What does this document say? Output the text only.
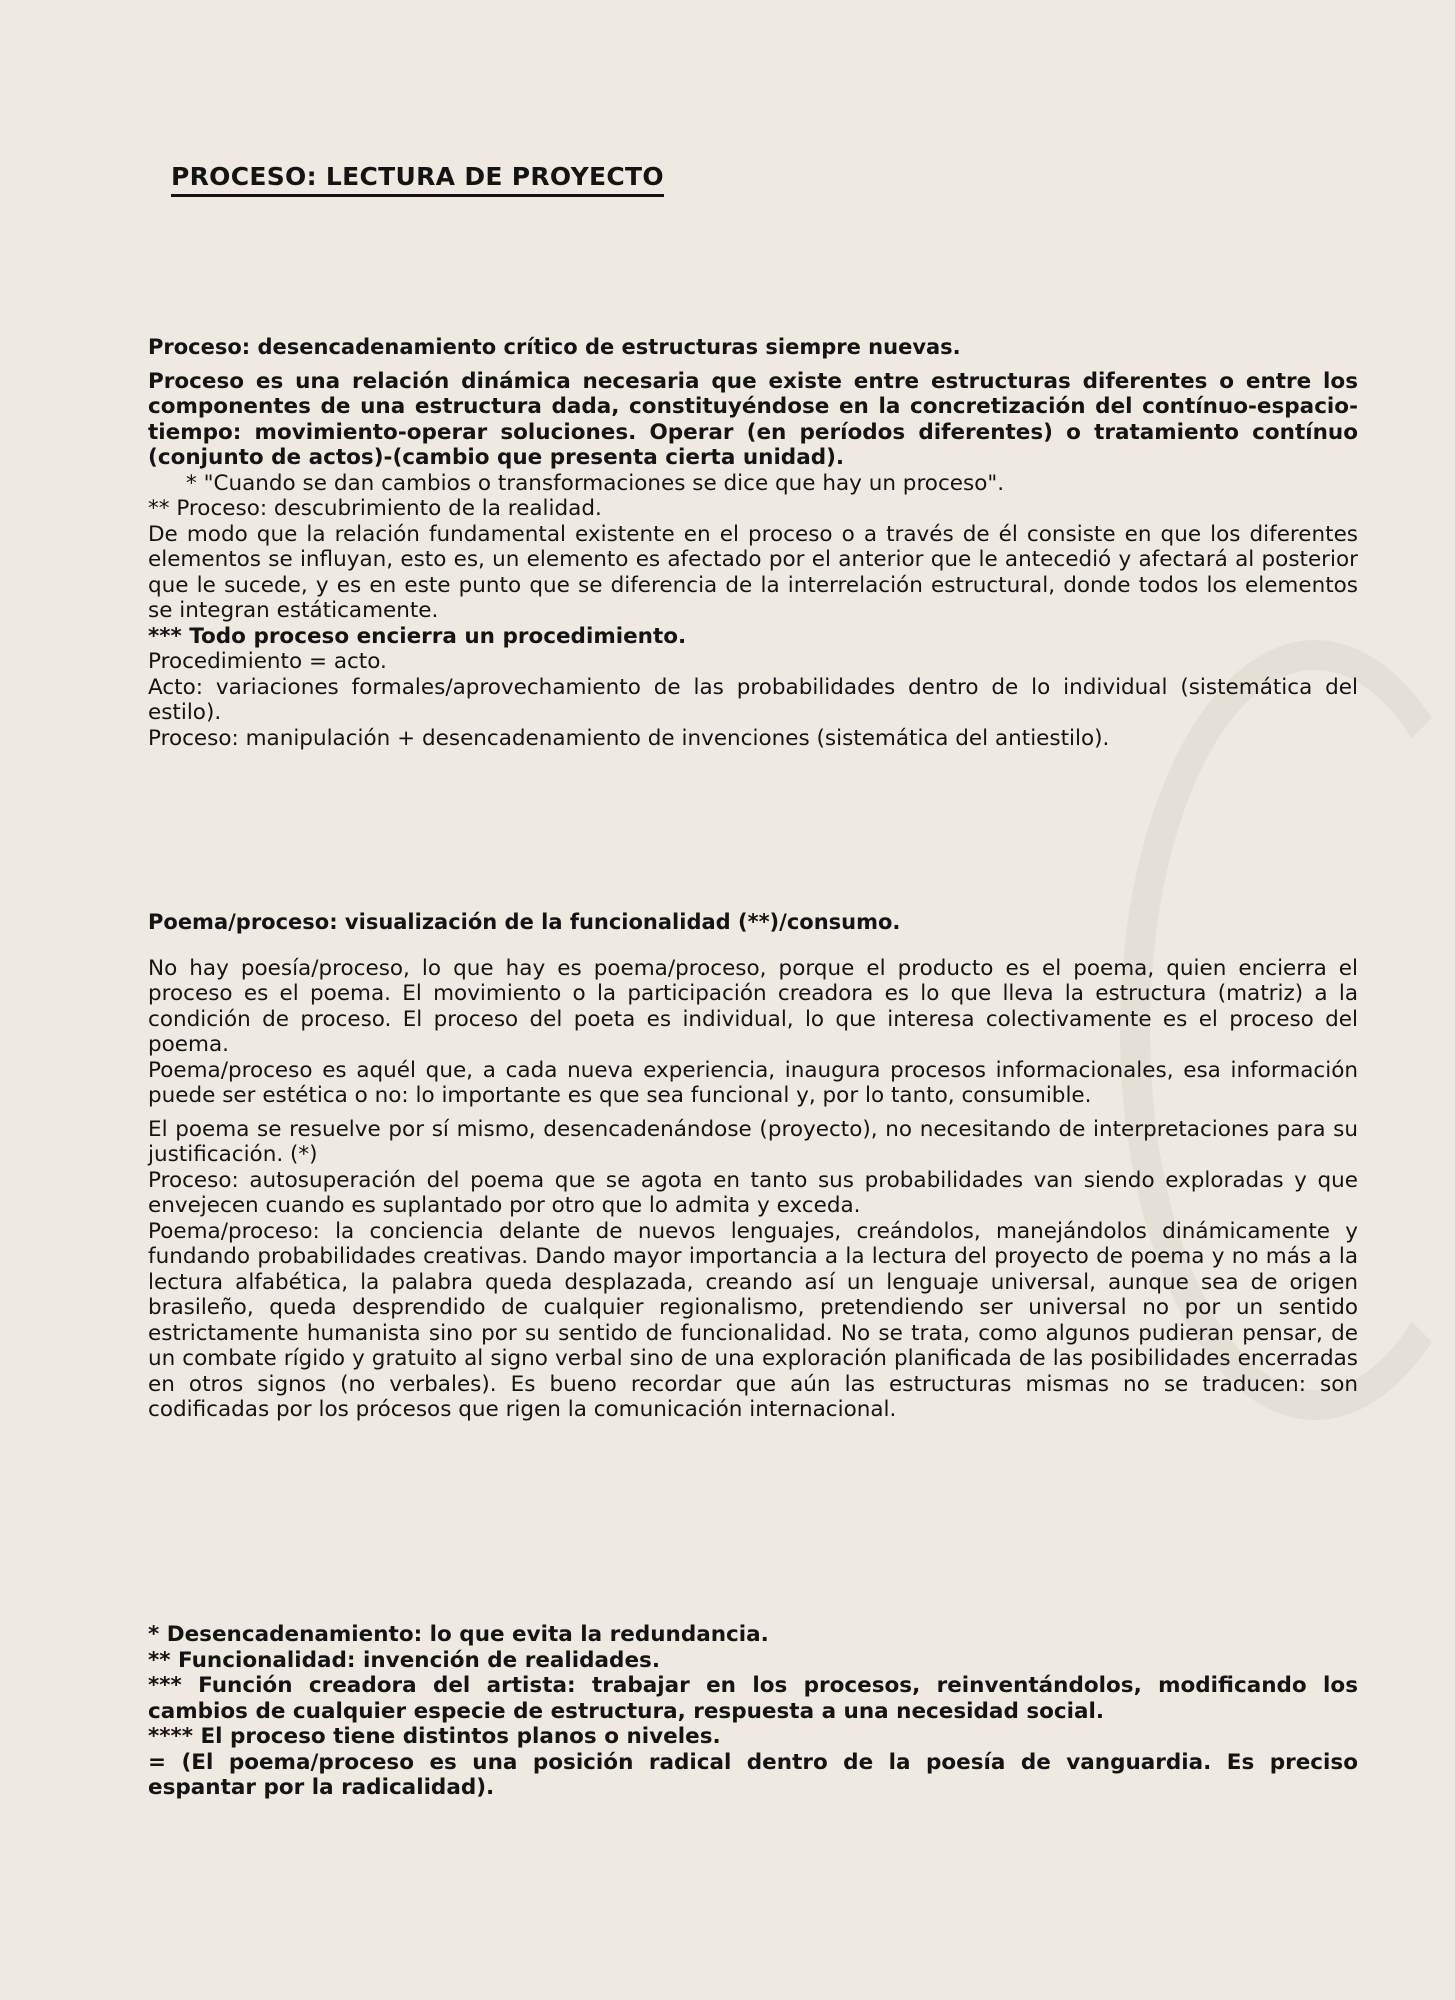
PROCESO: LECTURA DE PROYECTO

Proceso: desencadenamiento crítico de estructuras siempre nuevas.

Proceso es una relación dinámica necesaria que existe entre estructuras diferentes o entre los componentes de una estructura dada, constituyéndose en la concretización del contínuo-espacio-tiempo: movimiento-operar soluciones. Operar (en períodos diferentes) o tratamiento contínuo (conjunto de actos)-(cambio que presenta cierta unidad).

* "Cuando se dan cambios o transformaciones se dice que hay un proceso".

** Proceso: descubrimiento de la realidad.

De modo que la relación fundamental existente en el proceso o a través de él consiste en que los diferentes elementos se influyan, esto es, un elemento es afectado por el anterior que le antecedió y afectará al posterior que le sucede, y es en este punto que se diferencia de la interrelación estructural, donde todos los elementos se integran estáticamente.

*** Todo proceso encierra un procedimiento.

Procedimiento = acto.

Acto: variaciones formales/aprovechamiento de las probabilidades dentro de lo individual (sistemática del estilo).

Proceso: manipulación + desencadenamiento de invenciones (sistemática del antiestilo).

Poema/proceso: visualización de la funcionalidad (**)/consumo.

No hay poesía/proceso, lo que hay es poema/proceso, porque el producto es el poema, quien encierra el proceso es el poema. El movimiento o la participación creadora es lo que lleva la estructura (matriz) a la condición de proceso. El proceso del poeta es individual, lo que interesa colectivamente es el proceso del poema.

Poema/proceso es aquél que, a cada nueva experiencia, inaugura procesos informacionales, esa información puede ser estética o no: lo importante es que sea funcional y, por lo tanto, consumible.

El poema se resuelve por sí mismo, desencadenándose (proyecto), no necesitando de interpretaciones para su justificación. (*)

Proceso: autosuperación del poema que se agota en tanto sus probabilidades van siendo exploradas y que envejecen cuando es suplantado por otro que lo admita y exceda.

Poema/proceso: la conciencia delante de nuevos lenguajes, creándolos, manejándolos dinámicamente y fundando probabilidades creativas. Dando mayor importancia a la lectura del proyecto de poema y no más a la lectura alfabética, la palabra queda desplazada, creando así un lenguaje universal, aunque sea de origen brasileño, queda desprendido de cualquier regionalismo, pretendiendo ser universal no por un sentido estrictamente humanista sino por su sentido de funcionalidad. No se trata, como algunos pudieran pensar, de un combate rígido y gratuito al signo verbal sino de una exploración planificada de las posibilidades encerradas en otros signos (no verbales). Es bueno recordar que aún las estructuras mismas no se traducen: son codificadas por los prócesos que rigen la comunicación internacional.

* Desencadenamiento: lo que evita la redundancia.

** Funcionalidad: invención de realidades.

*** Función creadora del artista: trabajar en los procesos, reinventándolos, modificando los cambios de cualquier especie de estructura, respuesta a una necesidad social.

**** El proceso tiene distintos planos o niveles.

= (El poema/proceso es una posición radical dentro de la poesía de vanguardia. Es preciso espantar por la radicalidad).
